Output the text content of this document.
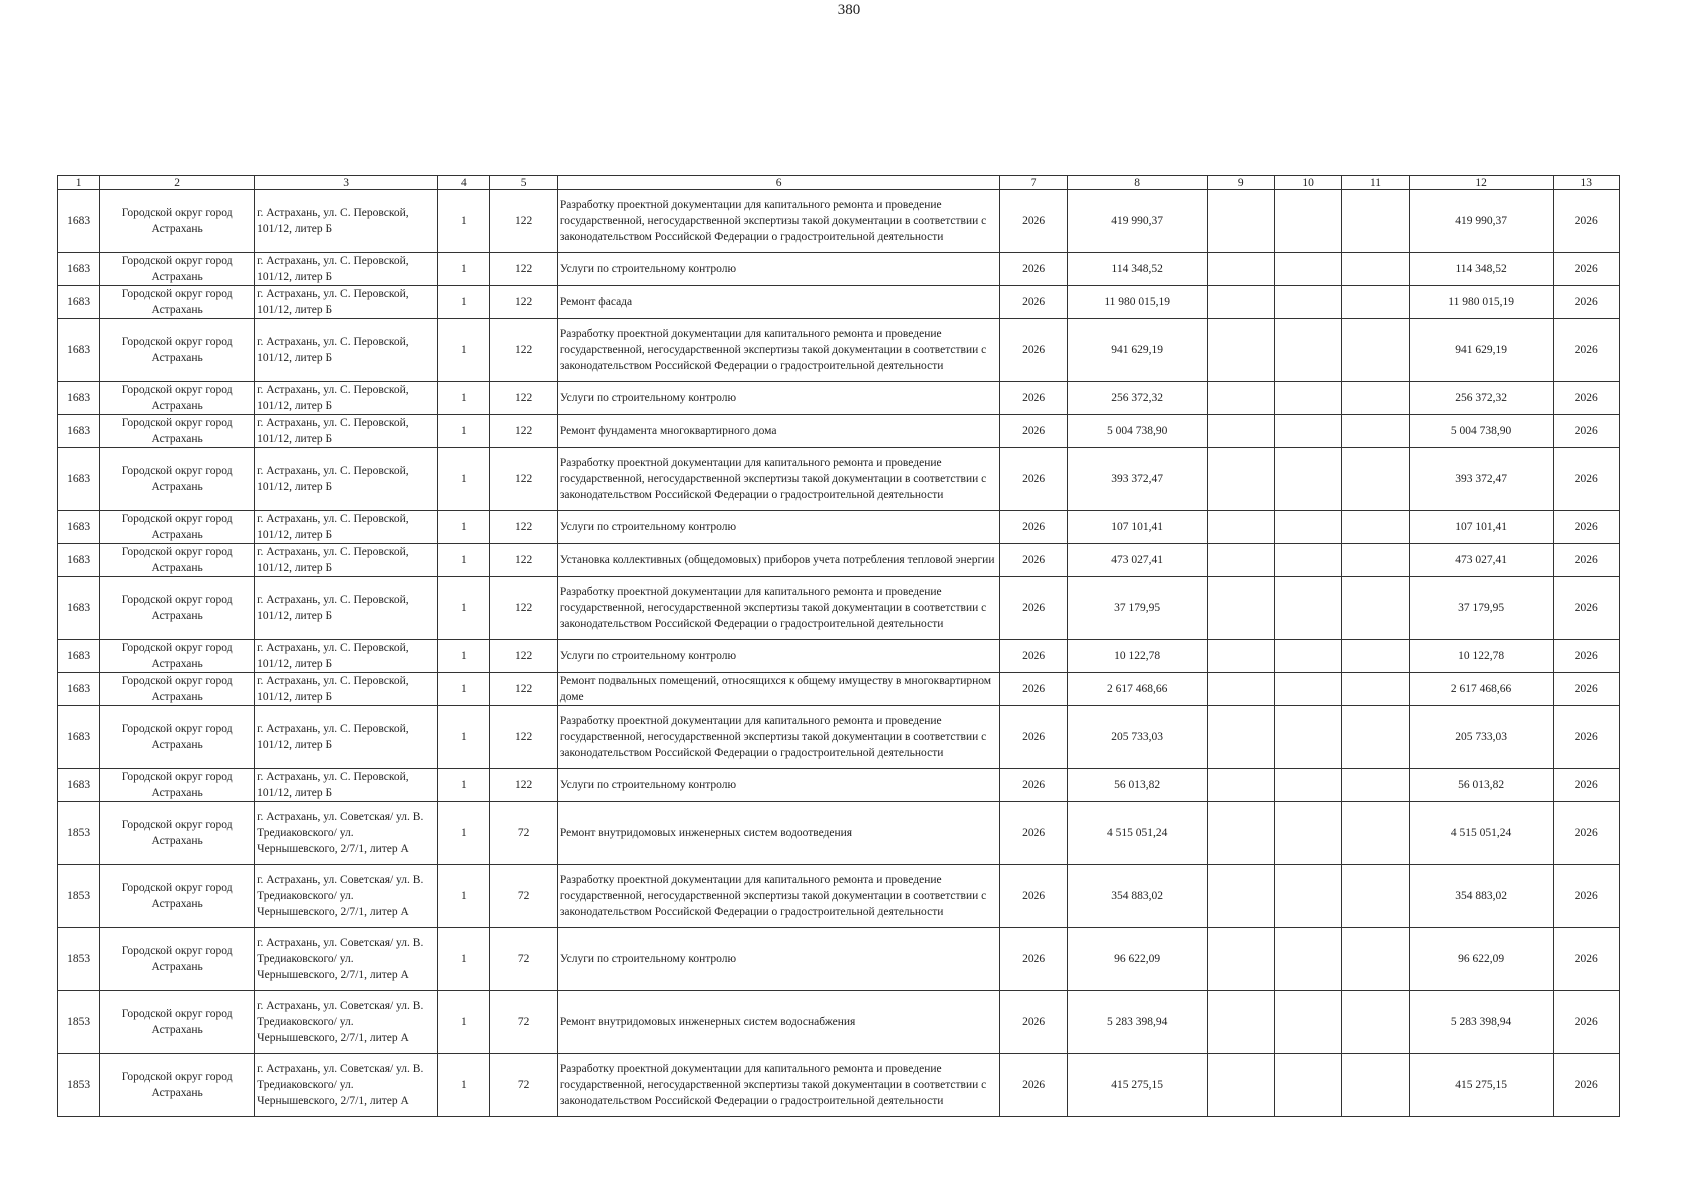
380
1	2	3	4	5	6	7	8	9	10	11	12	13
1683	Городской округ город Астрахань	г. Астрахань, ул. С. Перовской, 101/12, литер Б	1	122	Разработку проектной документации для капитального ремонта и проведение государственной, негосударственной экспертизы такой документации в соответствии с законодательством Российской Федерации о градостроительной деятельности	2026	419 990,37				419 990,37	2026
1683	Городской округ город Астрахань	г. Астрахань, ул. С. Перовской, 101/12, литер Б	1	122	Услуги по строительному контролю	2026	114 348,52				114 348,52	2026
1683	Городской округ город Астрахань	г. Астрахань, ул. С. Перовской, 101/12, литер Б	1	122	Ремонт фасада	2026	11 980 015,19				11 980 015,19	2026
1683	Городской округ город Астрахань	г. Астрахань, ул. С. Перовской, 101/12, литер Б	1	122	Разработку проектной документации для капитального ремонта и проведение государственной, негосударственной экспертизы такой документации в соответствии с законодательством Российской Федерации о градостроительной деятельности	2026	941 629,19				941 629,19	2026
1683	Городской округ город Астрахань	г. Астрахань, ул. С. Перовской, 101/12, литер Б	1	122	Услуги по строительному контролю	2026	256 372,32				256 372,32	2026
1683	Городской округ город Астрахань	г. Астрахань, ул. С. Перовской, 101/12, литер Б	1	122	Ремонт фундамента многоквартирного дома	2026	5 004 738,90				5 004 738,90	2026
1683	Городской округ город Астрахань	г. Астрахань, ул. С. Перовской, 101/12, литер Б	1	122	Разработку проектной документации для капитального ремонта и проведение государственной, негосударственной экспертизы такой документации в соответствии с законодательством Российской Федерации о градостроительной деятельности	2026	393 372,47				393 372,47	2026
1683	Городской округ город Астрахань	г. Астрахань, ул. С. Перовской, 101/12, литер Б	1	122	Услуги по строительному контролю	2026	107 101,41				107 101,41	2026
1683	Городской округ город Астрахань	г. Астрахань, ул. С. Перовской, 101/12, литер Б	1	122	Установка коллективных (общедомовых) приборов учета потребления тепловой энергии	2026	473 027,41				473 027,41	2026
1683	Городской округ город Астрахань	г. Астрахань, ул. С. Перовской, 101/12, литер Б	1	122	Разработку проектной документации для капитального ремонта и проведение государственной, негосударственной экспертизы такой документации в соответствии с законодательством Российской Федерации о градостроительной деятельности	2026	37 179,95				37 179,95	2026
1683	Городской округ город Астрахань	г. Астрахань, ул. С. Перовской, 101/12, литер Б	1	122	Услуги по строительному контролю	2026	10 122,78				10 122,78	2026
1683	Городской округ город Астрахань	г. Астрахань, ул. С. Перовской, 101/12, литер Б	1	122	Ремонт подвальных помещений, относящихся к общему имуществу в многоквартирном доме	2026	2 617 468,66				2 617 468,66	2026
1683	Городской округ город Астрахань	г. Астрахань, ул. С. Перовской, 101/12, литер Б	1	122	Разработку проектной документации для капитального ремонта и проведение государственной, негосударственной экспертизы такой документации в соответствии с законодательством Российской Федерации о градостроительной деятельности	2026	205 733,03				205 733,03	2026
1683	Городской округ город Астрахань	г. Астрахань, ул. С. Перовской, 101/12, литер Б	1	122	Услуги по строительному контролю	2026	56 013,82				56 013,82	2026
1853	Городской округ город Астрахань	г. Астрахань, ул. Советская/ ул. В. Тредиаковского/ ул. Чернышевского, 2/7/1, литер А	1	72	Ремонт внутридомовых инженерных систем водоотведения	2026	4 515 051,24				4 515 051,24	2026
1853	Городской округ город Астрахань	г. Астрахань, ул. Советская/ ул. В. Тредиаковского/ ул. Чернышевского, 2/7/1, литер А	1	72	Разработку проектной документации для капитального ремонта и проведение государственной, негосударственной экспертизы такой документации в соответствии с законодательством Российской Федерации о градостроительной деятельности	2026	354 883,02				354 883,02	2026
1853	Городской округ город Астрахань	г. Астрахань, ул. Советская/ ул. В. Тредиаковского/ ул. Чернышевского, 2/7/1, литер А	1	72	Услуги по строительному контролю	2026	96 622,09				96 622,09	2026
1853	Городской округ город Астрахань	г. Астрахань, ул. Советская/ ул. В. Тредиаковского/ ул. Чернышевского, 2/7/1, литер А	1	72	Ремонт внутридомовых инженерных систем водоснабжения	2026	5 283 398,94				5 283 398,94	2026
1853	Городской округ город Астрахань	г. Астрахань, ул. Советская/ ул. В. Тредиаковского/ ул. Чернышевского, 2/7/1, литер А	1	72	Разработку проектной документации для капитального ремонта и проведение государственной, негосударственной экспертизы такой документации в соответствии с законодательством Российской Федерации о градостроительной деятельности	2026	415 275,15				415 275,15	2026
